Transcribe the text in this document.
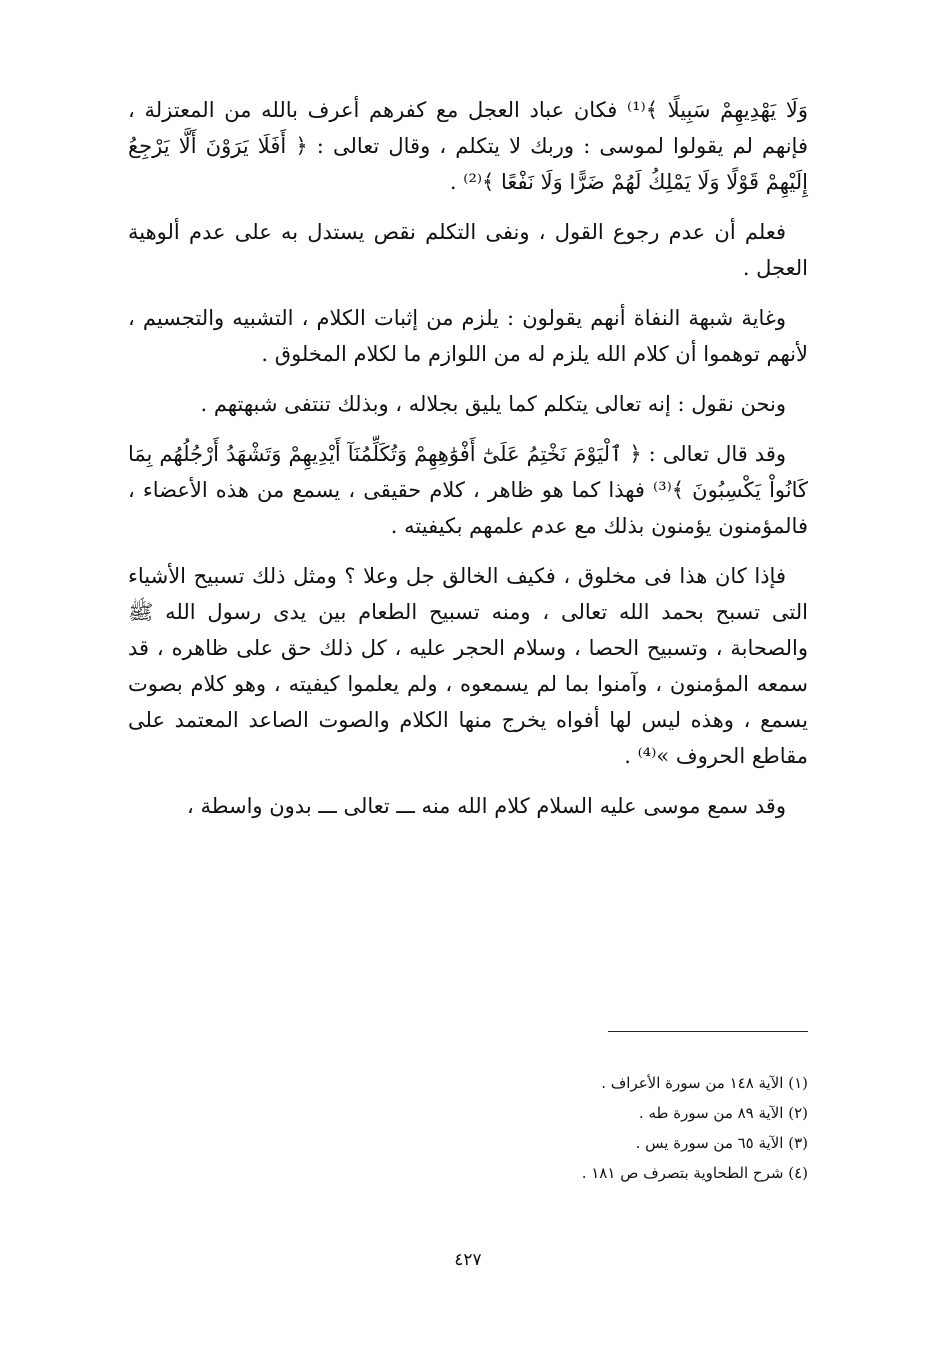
وَلَا يَهْدِيهِمْ سَبِيلًا ﴾⁽¹⁾ فكان عباد العجل مع كفرهم أعرف بالله من المعتزلة ، فإنهم لم يقولوا لموسى : وربك لا يتكلم ، وقال تعالى : ﴿ أَفَلَا يَرَوْنَ أَلَّا يَرْجِعُ إِلَيْهِمْ قَوْلًا وَلَا يَمْلِكُ لَهُمْ ضَرًّا وَلَا نَفْعًا ﴾⁽²⁾ .

فعلم أن عدم رجوع القول ، ونفى التكلم نقص يستدل به على عدم ألوهية العجل .

وغاية شبهة النفاة أنهم يقولون : يلزم من إثبات الكلام ، التشبيه والتجسيم ، لأنهم توهموا أن كلام الله يلزم له من اللوازم ما لكلام المخلوق .

ونحن نقول : إنه تعالى يتكلم كما يليق بجلاله ، وبذلك تنتفى شبهتهم .

وقد قال تعالى : ﴿ ٱلْيَوْمَ نَخْتِمُ عَلَىٰٓ أَفْوَٰهِهِمْ وَتُكَلِّمُنَآ أَيْدِيهِمْ وَتَشْهَدُ أَرْجُلُهُم بِمَا كَانُواْ يَكْسِبُونَ ﴾⁽³⁾ فهذا كما هو ظاهر ، كلام حقيقى ، يسمع من هذه الأعضاء ، فالمؤمنون يؤمنون بذلك مع عدم علمهم بكيفيته .

فإذا كان هذا فى مخلوق ، فكيف الخالق جل وعلا ؟ ومثل ذلك تسبيح الأشياء التى تسبح بحمد الله تعالى ، ومنه تسبيح الطعام بين يدى رسول الله ﷺ والصحابة ، وتسبيح الحصا ، وسلام الحجر عليه ، كل ذلك حق على ظاهره ، قد سمعه المؤمنون ، وآمنوا بما لم يسمعوه ، ولم يعلموا كيفيته ، وهو كلام بصوت يسمع ، وهذه ليس لها أفواه يخرج منها الكلام والصوت الصاعد المعتمد على مقاطع الحروف »⁽⁴⁾ .

وقد سمع موسى عليه السلام كلام الله منه ـــ تعالى ـــ بدون واسطة ،

(١) الآية ١٤٨ من سورة الأعراف .
(٢) الآية ٨٩ من سورة طه .
(٣) الآية ٦٥ من سورة يس .
(٤) شرح الطحاوية بتصرف ص ١٨١ .
٤٢٧
